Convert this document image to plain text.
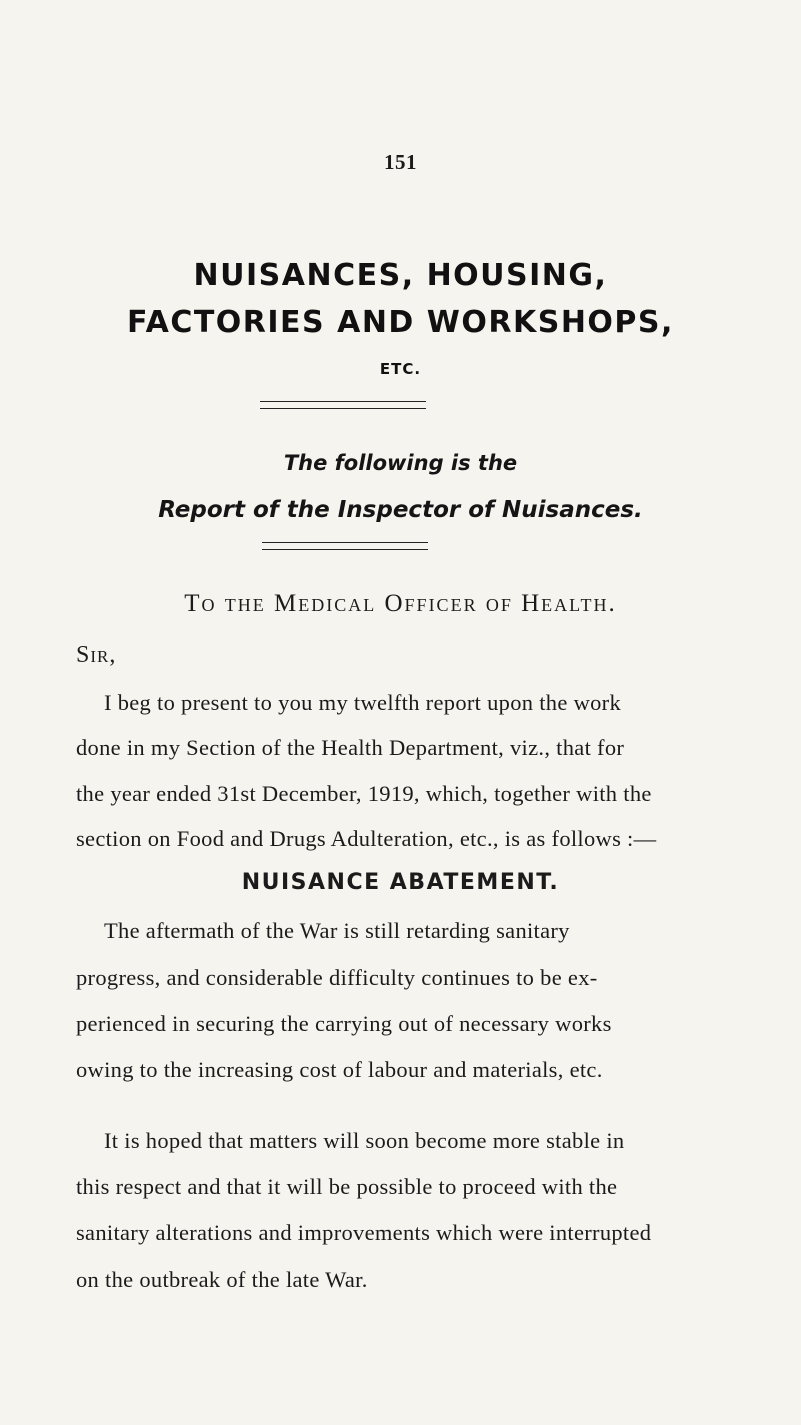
151
NUISANCES, HOUSING,
FACTORIES AND WORKSHOPS,
ETC.
The following is the
Report of the Inspector of Nuisances.
To the Medical Officer of Health.
Sir,
I beg to present to you my twelfth report upon the work
done in my Section of the Health Department, viz., that for
the year ended 31st December, 1919, which, together with the
section on Food and Drugs Adulteration, etc., is as follows :—
NUISANCE ABATEMENT.
The aftermath of the War is still retarding sanitary
progress, and considerable difficulty continues to be ex-
perienced in securing the carrying out of necessary works
owing to the increasing cost of labour and materials, etc.
It is hoped that matters will soon become more stable in
this respect and that it will be possible to proceed with the
sanitary alterations and improvements which were interrupted
on the outbreak of the late War.
